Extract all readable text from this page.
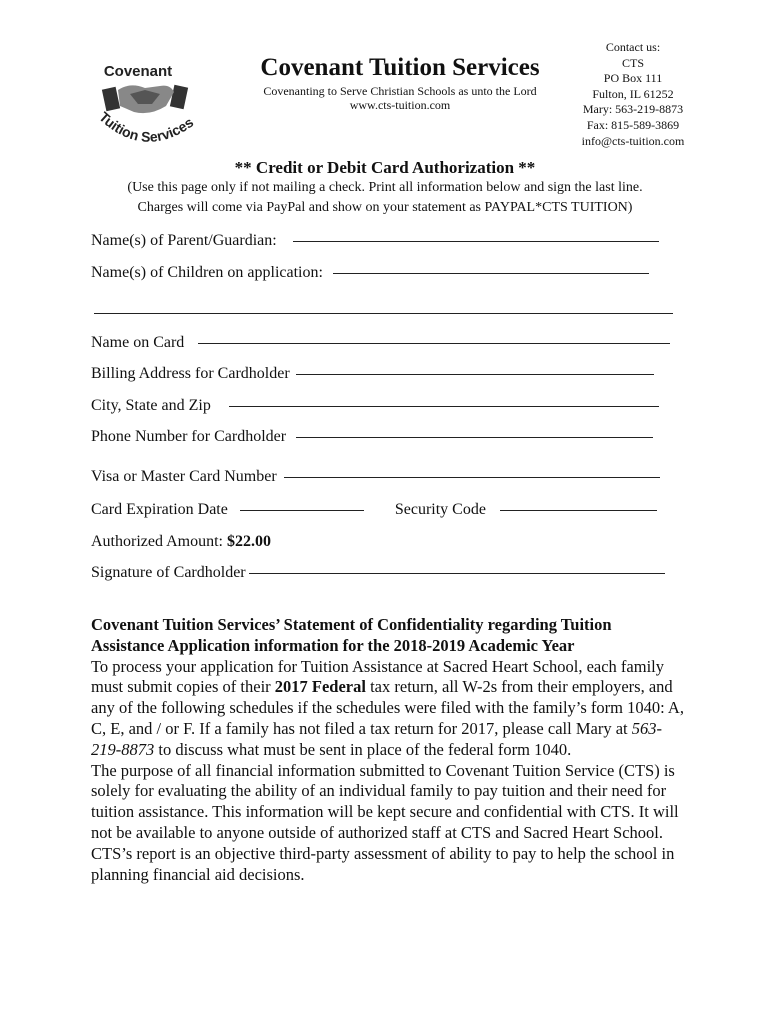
Covenant
Tuition Services
Covenant Tuition Services
Covenanting to Serve Christian Schools as unto the Lord
www.cts-tuition.com
Contact us:
CTS
PO Box 111
Fulton, IL 61252
Mary: 563-219-8873
Fax: 815-589-3869
info@cts-tuition.com
** Credit or Debit Card Authorization **
(Use this page only if not mailing a check. Print all information below and sign the last line.
Charges will come via PayPal and show on your statement as PAYPAL*CTS TUITION)
Name(s) of Parent/Guardian:
Name(s) of Children on application:
Name on Card
Billing Address for Cardholder
City, State and Zip
Phone Number for Cardholder
Visa or Master Card Number
Card Expiration Date	Security Code
Authorized Amount: $22.00
Signature of Cardholder
Covenant Tuition Services’ Statement of Confidentiality regarding Tuition
Assistance Application information for the 2018-2019 Academic Year

To process your application for Tuition Assistance at Sacred Heart School, each family must submit copies of their 2017 Federal tax return, all W-2s from their employers, and any of the following schedules if the schedules were filed with the family’s form 1040: A, C, E, and / or F. If a family has not filed a tax return for 2017, please call Mary at 563-219-8873 to discuss what must be sent in place of the federal form 1040.

The purpose of all financial information submitted to Covenant Tuition Service (CTS) is solely for evaluating the ability of an individual family to pay tuition and their need for tuition assistance. This information will be kept secure and confidential with CTS. It will not be available to anyone outside of authorized staff at CTS and Sacred Heart School. CTS’s report is an objective third-party assessment of ability to pay to help the school in planning financial aid decisions.
